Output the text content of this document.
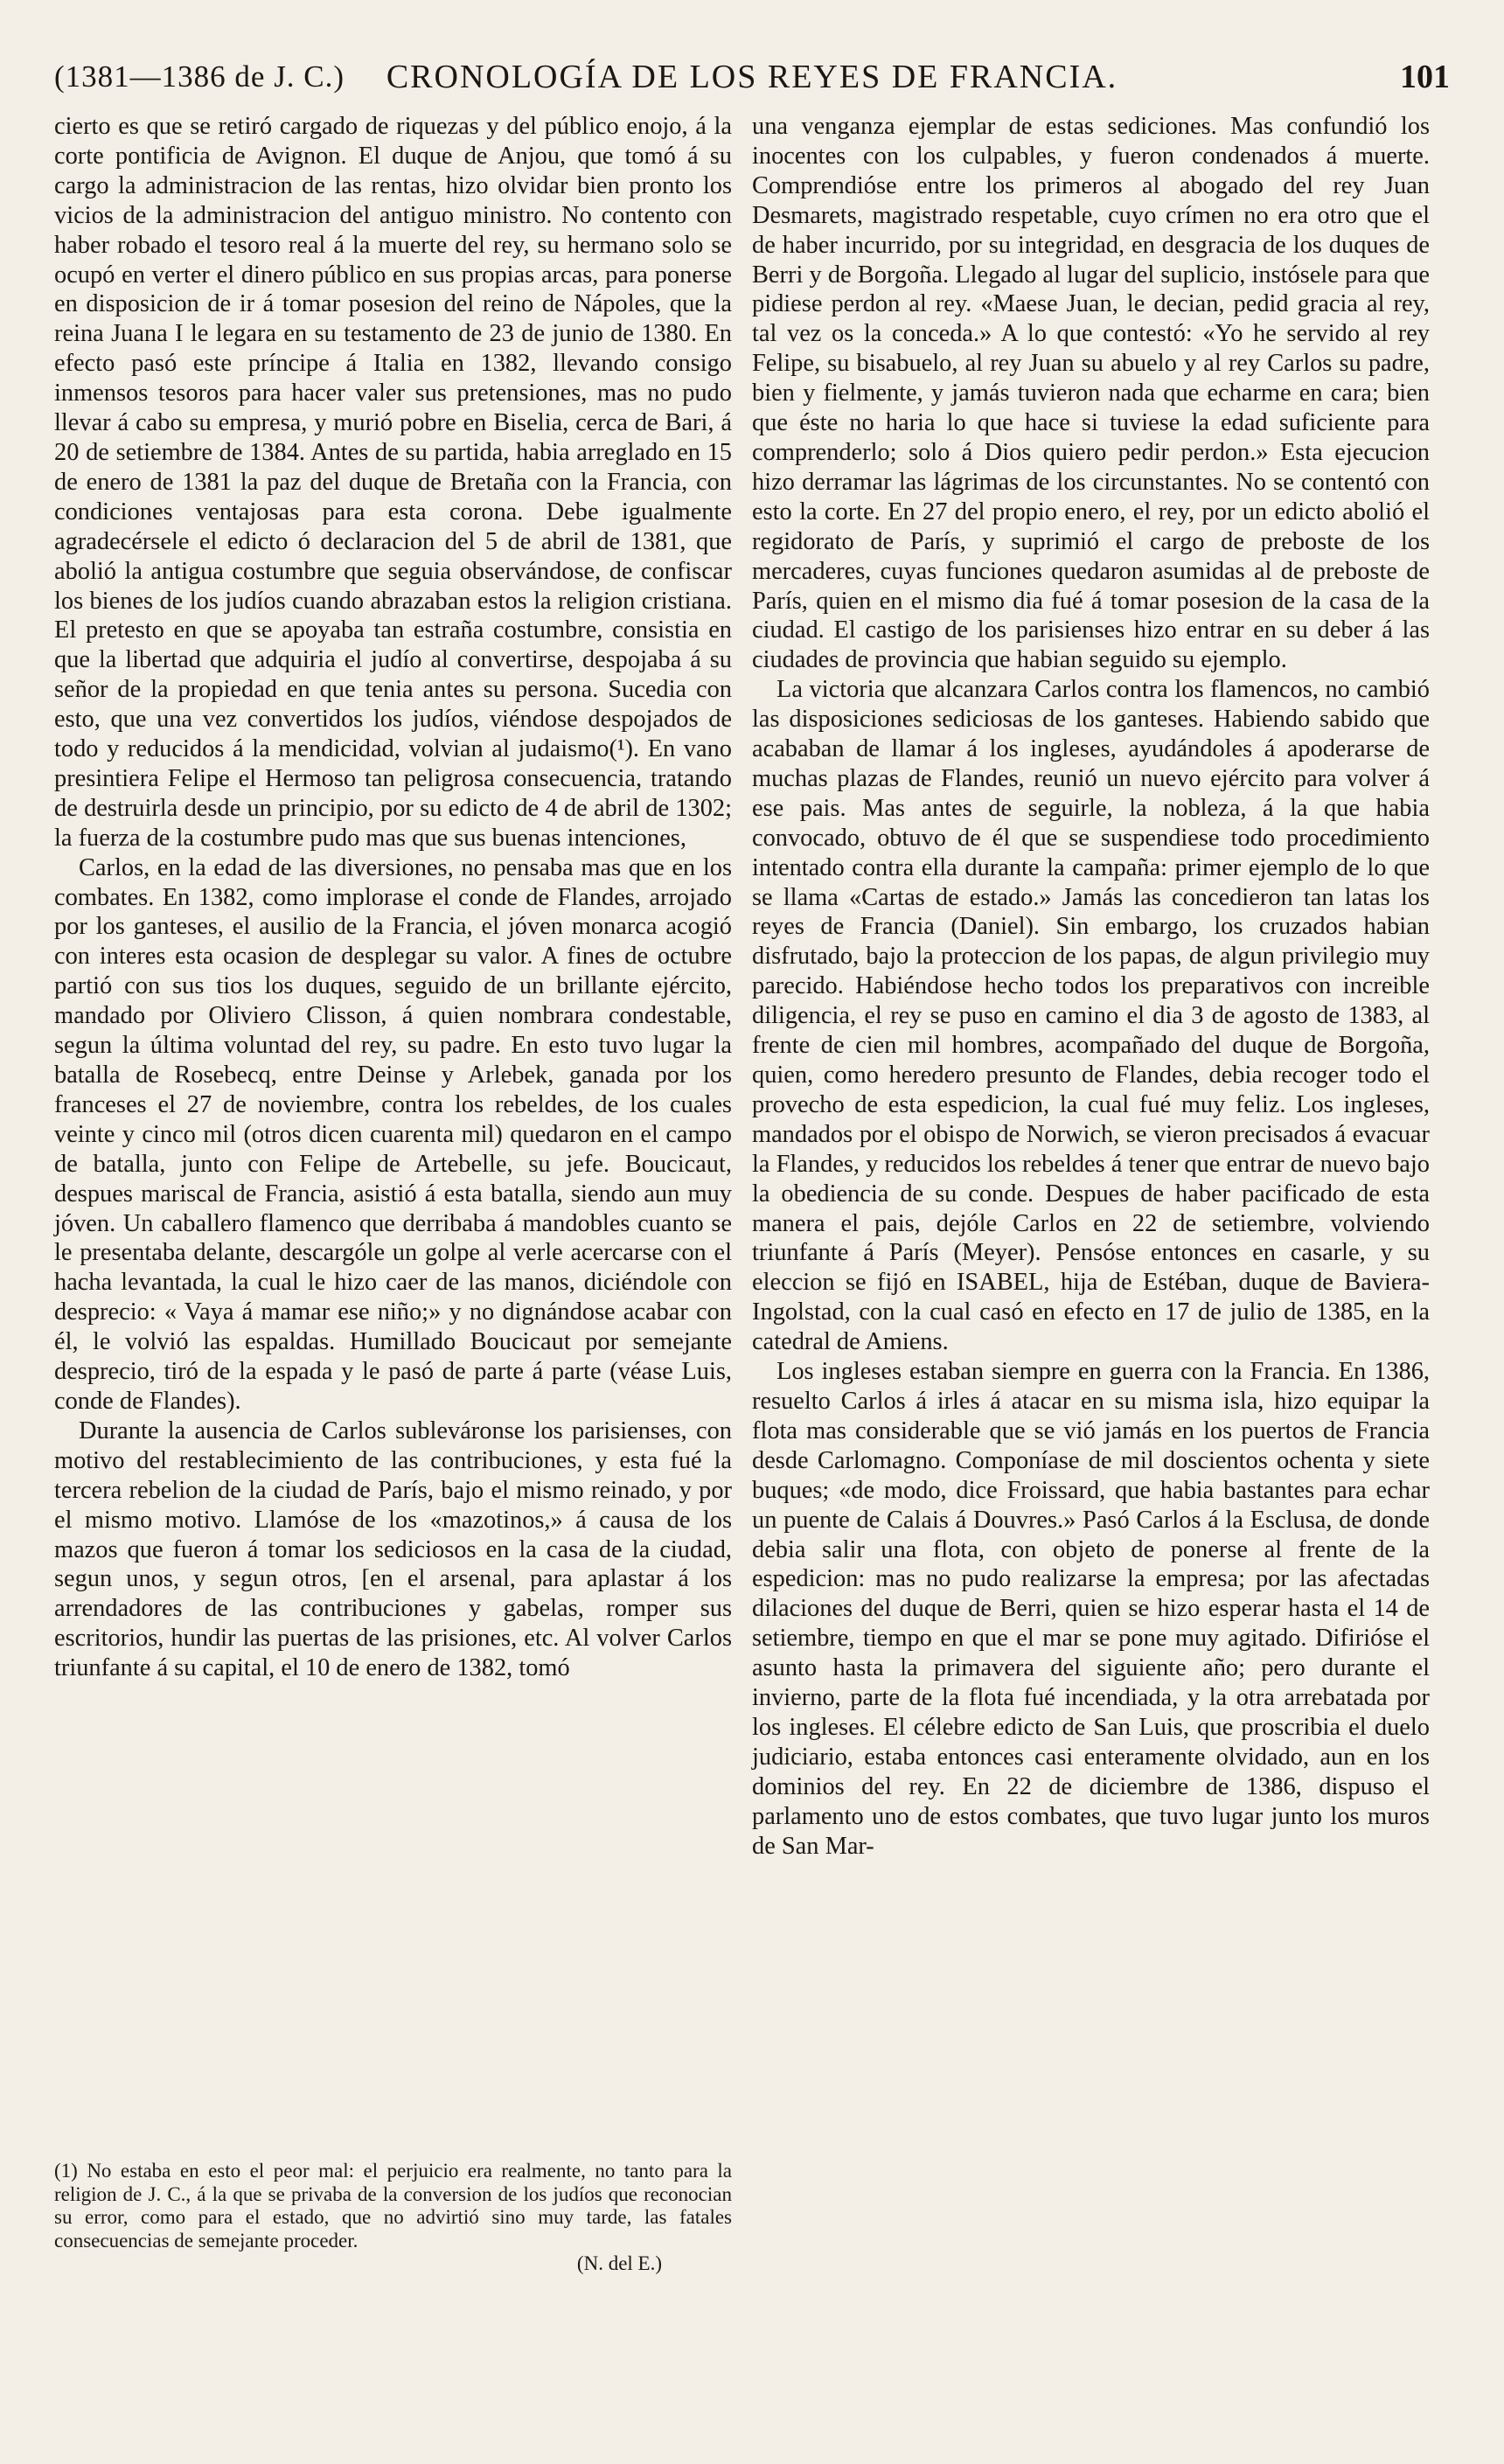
(1381—1386 de J. C.)	CRONOLOGÍA DE LOS REYES DE FRANCIA.	101

cierto es que se retiró cargado de riquezas y del público enojo, á la corte pontificia de Avignon. El duque de Anjou, que tomó á su cargo la administracion de las rentas, hizo olvidar bien pronto los vicios de la administracion del antiguo ministro. No contento con haber robado el tesoro real á la muerte del rey, su hermano solo se ocupó en verter el dinero público en sus propias arcas, para ponerse en disposicion de ir á tomar posesion del reino de Nápoles, que la reina Juana I le legara en su testamento de 23 de junio de 1380. En efecto pasó este príncipe á Italia en 1382, llevando consigo inmensos tesoros para hacer valer sus pretensiones, mas no pudo llevar á cabo su empresa, y murió pobre en Biselia, cerca de Bari, á 20 de setiembre de 1384. Antes de su partida, habia arreglado en 15 de enero de 1381 la paz del duque de Bretaña con la Francia, con condiciones ventajosas para esta corona. Debe igualmente agradecérsele el edicto ó declaracion del 5 de abril de 1381, que abolió la antigua costumbre que seguia observándose, de confiscar los bienes de los judíos cuando abrazaban estos la religion cristiana. El pretesto en que se apoyaba tan estraña costumbre, consistia en que la libertad que adquiria el judío al convertirse, despojaba á su señor de la propiedad en que tenia antes su persona. Sucedia con esto, que una vez convertidos los judíos, viéndose despojados de todo y reducidos á la mendicidad, volvian al judaismo(¹). En vano presintiera Felipe el Hermoso tan peligrosa consecuencia, tratando de destruirla desde un principio, por su edicto de 4 de abril de 1302; la fuerza de la costumbre pudo mas que sus buenas intenciones,

Carlos, en la edad de las diversiones, no pensaba mas que en los combates. En 1382, como implorase el conde de Flandes, arrojado por los ganteses, el ausilio de la Francia, el jóven monarca acogió con interes esta ocasion de desplegar su valor. A fines de octubre partió con sus tios los duques, seguido de un brillante ejército, mandado por Oliviero Clisson, á quien nombrara condestable, segun la última voluntad del rey, su padre. En esto tuvo lugar la batalla de Rosebecq, entre Deinse y Arlebek, ganada por los franceses el 27 de noviembre, contra los rebeldes, de los cuales veinte y cinco mil (otros dicen cuarenta mil) quedaron en el campo de batalla, junto con Felipe de Artebelle, su jefe. Boucicaut, despues mariscal de Francia, asistió á esta batalla, siendo aun muy jóven. Un caballero flamenco que derribaba á mandobles cuanto se le presentaba delante, descargóle un golpe al verle acercarse con el hacha levantada, la cual le hizo caer de las manos, diciéndole con desprecio: « Vaya á mamar ese niño;» y no dignándose acabar con él, le volvió las espaldas. Humillado Boucicaut por semejante desprecio, tiró de la espada y le pasó de parte á parte (véase Luis, conde de Flandes).

Durante la ausencia de Carlos subleváronse los parisienses, con motivo del restablecimiento de las contribuciones, y esta fué la tercera rebelion de la ciudad de París, bajo el mismo reinado, y por el mismo motivo. Llamóse de los «mazotinos,» á causa de los mazos que fueron á tomar los sediciosos en la casa de la ciudad, segun unos, y segun otros, [en el arsenal, para aplastar á los arrendadores de las contribuciones y gabelas, romper sus escritorios, hundir las puertas de las prisiones, etc. Al volver Carlos triunfante á su capital, el 10 de enero de 1382, tomó

una venganza ejemplar de estas sediciones. Mas confundió los inocentes con los culpables, y fueron condenados á muerte. Comprendióse entre los primeros al abogado del rey Juan Desmarets, magistrado respetable, cuyo crímen no era otro que el de haber incurrido, por su integridad, en desgracia de los duques de Berri y de Borgoña. Llegado al lugar del suplicio, instósele para que pidiese perdon al rey. «Maese Juan, le decian, pedid gracia al rey, tal vez os la conceda.» A lo que contestó: «Yo he servido al rey Felipe, su bisabuelo, al rey Juan su abuelo y al rey Carlos su padre, bien y fielmente, y jamás tuvieron nada que echarme en cara; bien que éste no haria lo que hace si tuviese la edad suficiente para comprenderlo; solo á Dios quiero pedir perdon.» Esta ejecucion hizo derramar las lágrimas de los circunstantes. No se contentó con esto la corte. En 27 del propio enero, el rey, por un edicto abolió el regidorato de París, y suprimió el cargo de preboste de los mercaderes, cuyas funciones quedaron asumidas al de preboste de París, quien en el mismo dia fué á tomar posesion de la casa de la ciudad. El castigo de los parisienses hizo entrar en su deber á las ciudades de provincia que habian seguido su ejemplo.

La victoria que alcanzara Carlos contra los flamencos, no cambió las disposiciones sediciosas de los ganteses. Habiendo sabido que acababan de llamar á los ingleses, ayudándoles á apoderarse de muchas plazas de Flandes, reunió un nuevo ejército para volver á ese pais. Mas antes de seguirle, la nobleza, á la que habia convocado, obtuvo de él que se suspendiese todo procedimiento intentado contra ella durante la campaña: primer ejemplo de lo que se llama «Cartas de estado.» Jamás las concedieron tan latas los reyes de Francia (Daniel). Sin embargo, los cruzados habian disfrutado, bajo la proteccion de los papas, de algun privilegio muy parecido. Habiéndose hecho todos los preparativos con increible diligencia, el rey se puso en camino el dia 3 de agosto de 1383, al frente de cien mil hombres, acompañado del duque de Borgoña, quien, como heredero presunto de Flandes, debia recoger todo el provecho de esta espedicion, la cual fué muy feliz. Los ingleses, mandados por el obispo de Norwich, se vieron precisados á evacuar la Flandes, y reducidos los rebeldes á tener que entrar de nuevo bajo la obediencia de su conde. Despues de haber pacificado de esta manera el pais, dejóle Carlos en 22 de setiembre, volviendo triunfante á París (Meyer). Pensóse entonces en casarle, y su eleccion se fijó en ISABEL, hija de Estéban, duque de Baviera-Ingolstad, con la cual casó en efecto en 17 de julio de 1385, en la catedral de Amiens.

Los ingleses estaban siempre en guerra con la Francia. En 1386, resuelto Carlos á irles á atacar en su misma isla, hizo equipar la flota mas considerable que se vió jamás en los puertos de Francia desde Carlomagno. Componíase de mil doscientos ochenta y siete buques; «de modo, dice Froissard, que habia bastantes para echar un puente de Calais á Douvres.» Pasó Carlos á la Esclusa, de donde debia salir una flota, con objeto de ponerse al frente de la espedicion: mas no pudo realizarse la empresa; por las afectadas dilaciones del duque de Berri, quien se hizo esperar hasta el 14 de setiembre, tiempo en que el mar se pone muy agitado. Difirióse el asunto hasta la primavera del siguiente año; pero durante el invierno, parte de la flota fué incendiada, y la otra arrebatada por los ingleses. El célebre edicto de San Luis, que proscribia el duelo judiciario, estaba entonces casi enteramente olvidado, aun en los dominios del rey. En 22 de diciembre de 1386, dispuso el parlamento uno de estos combates, que tuvo lugar junto los muros de San Mar-

(1) No estaba en esto el peor mal: el perjuicio era realmente, no tanto para la religion de J. C., á la que se privaba de la conversion de los judíos que reconocian su error, como para el estado, que no advirtió sino muy tarde, las fatales consecuencias de semejante proceder.

(N. del E.)
